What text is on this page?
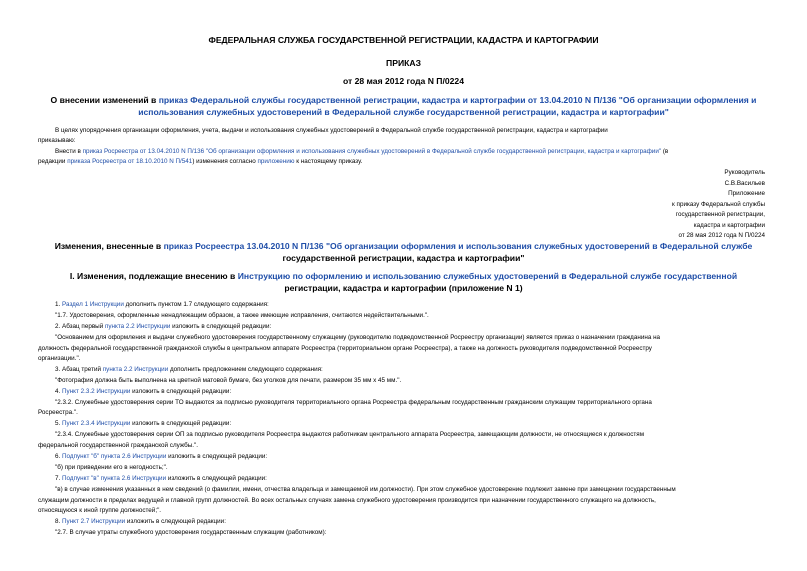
ФЕДЕРАЛЬНАЯ СЛУЖБА ГОСУДАРСТВЕННОЙ РЕГИСТРАЦИИ, КАДАСТРА И КАРТОГРАФИИ
ПРИКАЗ
от 28 мая 2012 года N П/0224
О внесении изменений в приказ Федеральной службы государственной регистрации, кадастра и картографии от 13.04.2010 N П/136 "Об организации оформления и
использования служебных удостоверений в Федеральной службе государственной регистрации, кадастра и картографии"
В целях упорядочения организации оформления, учета, выдачи и использования служебных удостоверений в Федеральной службе государственной регистрации, кадастра и картографии
приказываю:
Внести в приказ Росреестра от 13.04.2010 N П/136 "Об организации оформления и использования служебных удостоверений в Федеральной службе государственной регистрации, кадастра и картографии" (в
редакции приказа Росреестра от 18.10.2010 N П/541) изменения согласно приложению к настоящему приказу.
Руководитель
С.В.Васильев
Приложение
к приказу Федеральной службы
государственной регистрации,
кадастра и картографии
от 28 мая 2012 года N П/0224
Изменения, внесенные в приказ Росреестра 13.04.2010 N П/136 "Об организации оформления и использования служебных удостоверений в Федеральной службе
государственной регистрации, кадастра и картографии"
I. Изменения, подлежащие внесению в Инструкцию по оформлению и использованию служебных удостоверений в Федеральной службе государственной
регистрации, кадастра и картографии (приложение N 1)
1. Раздел 1 Инструкции дополнить пунктом 1.7 следующего содержания:
"1.7. Удостоверения, оформленные ненадлежащим образом, а также имеющие исправления, считаются недействительными.".
2. Абзац первый пункта 2.2 Инструкции изложить в следующей редакции:
"Основанием для оформления и выдачи служебного удостоверения государственному служащему (руководителю подведомственной Росреестру организации) является приказ о назначении гражданина на
должность федеральной государственной гражданской службы в центральном аппарате Росреестра (территориальном органе Росреестра), а также на должность руководителя подведомственной Росреестру
организации.".
3. Абзац третий пункта 2.2 Инструкции дополнить предложением следующего содержания:
"Фотография должна быть выполнена на цветной матовой бумаге, без уголков для печати, размером 35 мм х 45 мм.".
4. Пункт 2.3.2 Инструкции изложить в следующей редакции:
"2.3.2. Служебные удостоверения серии ТО выдаются за подписью руководителя территориального органа Росреестра федеральным государственным гражданским служащим территориального органа
Росреестра.".
5. Пункт 2.3.4 Инструкции изложить в следующей редакции:
"2.3.4. Служебные удостоверения серии ОП за подписью руководителя Росреестра выдаются работникам центрального аппарата Росреестра, замещающим должности, не относящиеся к должностям
федеральной государственной гражданской службы.".
6. Подпункт "б" пункта 2.6 Инструкции изложить в следующей редакции:
"б) при приведении его в негодность;".
7. Подпункт "в" пункта 2.6 Инструкции изложить в следующей редакции:
"в) в случае изменения указанных в нем сведений (о фамилии, имени, отчества владельца и замещаемой им должности). При этом служебное удостоверение подлежит замене при замещении государственным
служащим должности в пределах ведущей и главной групп должностей. Во всех остальных случаях замена служебного удостоверения производится при назначении государственного служащего на должность,
относящуюся к иной группе должностей;".
8. Пункт 2.7 Инструкции изложить в следующей редакции:
"2.7. В случае утраты служебного удостоверения государственным служащим (работником):
